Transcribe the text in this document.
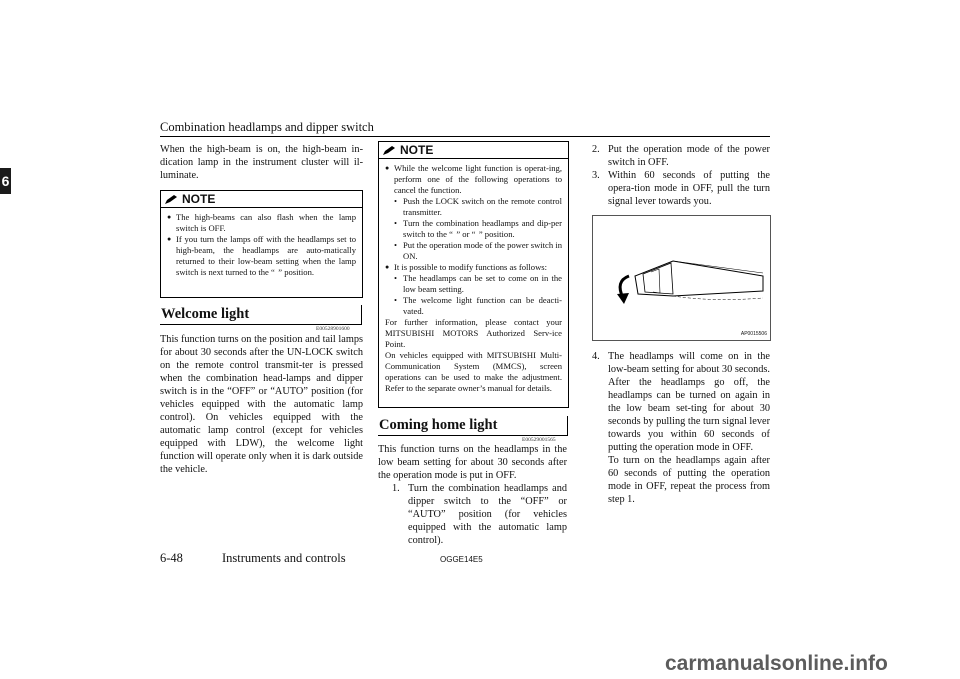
Combination headlamps and dipper switch
6

When the high-beam is on, the high-beam in-dication lamp in the instrument cluster will il-luminate.

NOTE
● The high-beams can also flash when the lamp switch is OFF.
● If you turn the lamps off with the headlamps set to high-beam, the headlamps are auto-matically returned to their low-beam setting when the lamp switch is next turned to the “  ” position.
Welcome light
E00528901600

This function turns on the position and tail lamps for about 30 seconds after the UN-LOCK switch on the remote control transmit-ter is pressed when the combination head-lamps and dipper switch is in the “OFF” or “AUTO” position (for vehicles equipped with the automatic lamp control). On vehicles equipped with the automatic lamp control (except for vehicles equipped with LDW), the welcome light function will operate only when it is dark outside the vehicle.

NOTE
● While the welcome light function is operat-ing, perform one of the following operations to cancel the function.
• Push the LOCK switch on the remote control transmitter.
• Turn the combination headlamps and dip-per switch to the “  ” or “  ” position.
• Put the operation mode of the power switch in ON.
● It is possible to modify functions as follows:
• The headlamps can be set to come on in the low beam setting.
• The welcome light function can be deacti-vated.
For further information, please contact your MITSUBISHI MOTORS Authorized Serv-ice Point.
On vehicles equipped with MITSUBISHI Multi-Communication System (MMCS), screen operations can be used to make the adjustment. Refer to the separate owner’s manual for details.
Coming home light
E00529001565

This function turns on the headlamps in the low beam setting for about 30 seconds after the operation mode is put in OFF.

1. Turn the combination headlamps and dipper switch to the “OFF” or “AUTO” position (for vehicles equipped with the automatic lamp control).
2. Put the operation mode of the power switch in OFF.
3. Within 60 seconds of putting the opera-tion mode in OFF, pull the turn signal lever towards you.
AP0015506
4. The headlamps will come on in the low-beam setting for about 30 seconds. After the headlamps go off, the headlamps can be turned on again in the low beam set-ting for about 30 seconds by pulling the turn signal lever towards you within 60 seconds of putting the operation mode in OFF.
To turn on the headlamps again after 60 seconds of putting the operation mode in OFF, repeat the process from step 1.
6-48	Instruments and controls	OGGE14E5
carmanualsonline.info
